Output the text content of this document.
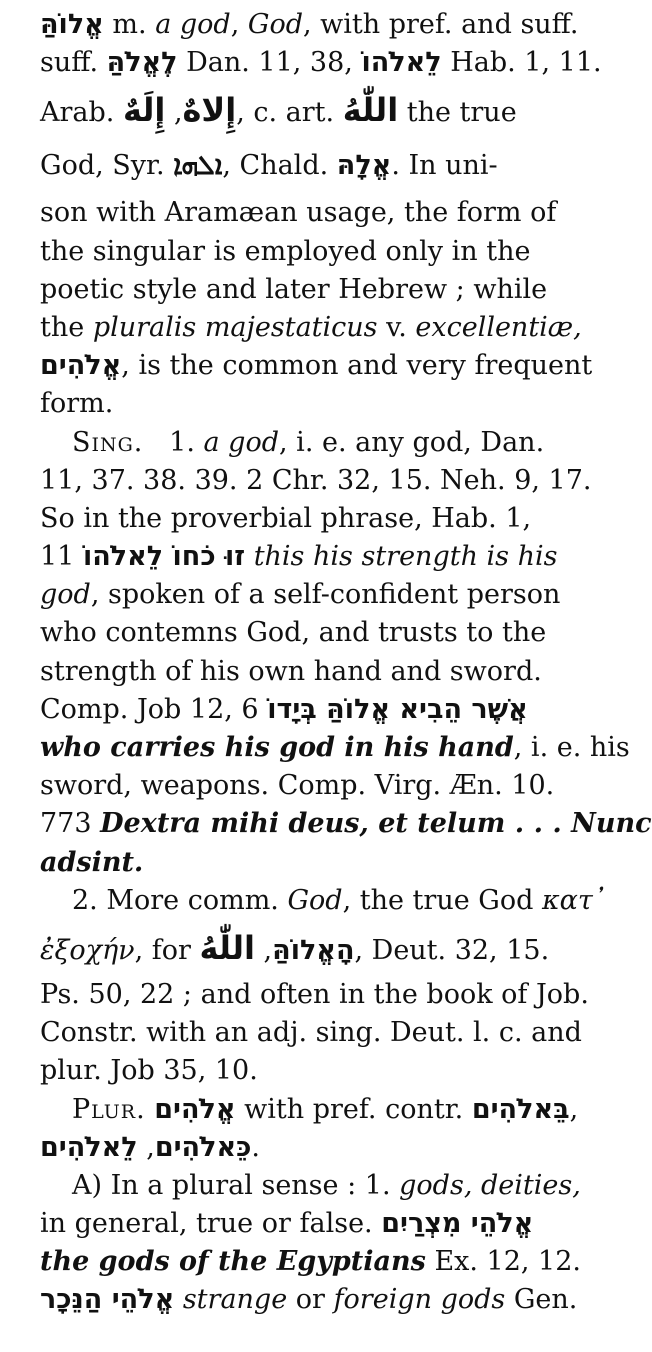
אֱלוֹהַּ m. a god, God, with pref. and suff.
suff. לֶאֱלֹהַּ Dan. 11, 38, לֵאלֹהוֹ Hab. 1, 11.
Arab. إِلاهٌ, إِلَهٌ	, c. art. اللّٰهُ the true
God, Syr. ܐܠܗܐ, Chald. אֱלָהּ. In uni-
son with Aramæan usage, the form of
the singular is employed only in the
poetic style and later Hebrew ; while
the pluralis majestaticus v. excellentiæ,
אֱלֹהִים, is the common and very frequent
form.
Sing. 1. a god, i. e. any god, Dan.
11, 37. 38. 39. 2 Chr. 32, 15. Neh. 9, 17.
So in the proverbial phrase, Hab. 1,
11 זוּ כֹחוֹ לֵאלֹהוֹ this his strength is his
god, spoken of a self-confident person
who contemns God, and trusts to the
strength of his own hand and sword.
Comp. Job 12, 6 אֲשֶׁר הֵבִיא אֱלוֹהַּ בְּיָדוֹ
who carries his god in his hand, i. e. his
sword, weapons. Comp. Virg. Æn. 10.
773 Dextra mihi deus, et telum . . . Nunc
adsint.
2. More comm. God, the true God κατ᾽
ἐξοχήν, for	הָאֱלוֹהַּ, اللّٰهُ	, Deut. 32, 15.
Ps. 50, 22 ; and often in the book of Job.
Constr. with an adj. sing. Deut. l. c. and
plur. Job 35, 10.
Plur. אֱלֹהִים with pref. contr. בֵּאלֹהִים,
כֵּאלֹהִים, לֵאלֹהִים	.
A) In a plural sense : 1. gods, deities,
in general, true or false. אֱלֹהֵי מִצְרַיִם
the gods of the Egyptians Ex. 12, 12.
אֱלֹהֵי הַנֵּכָר strange or foreign gods Gen.
